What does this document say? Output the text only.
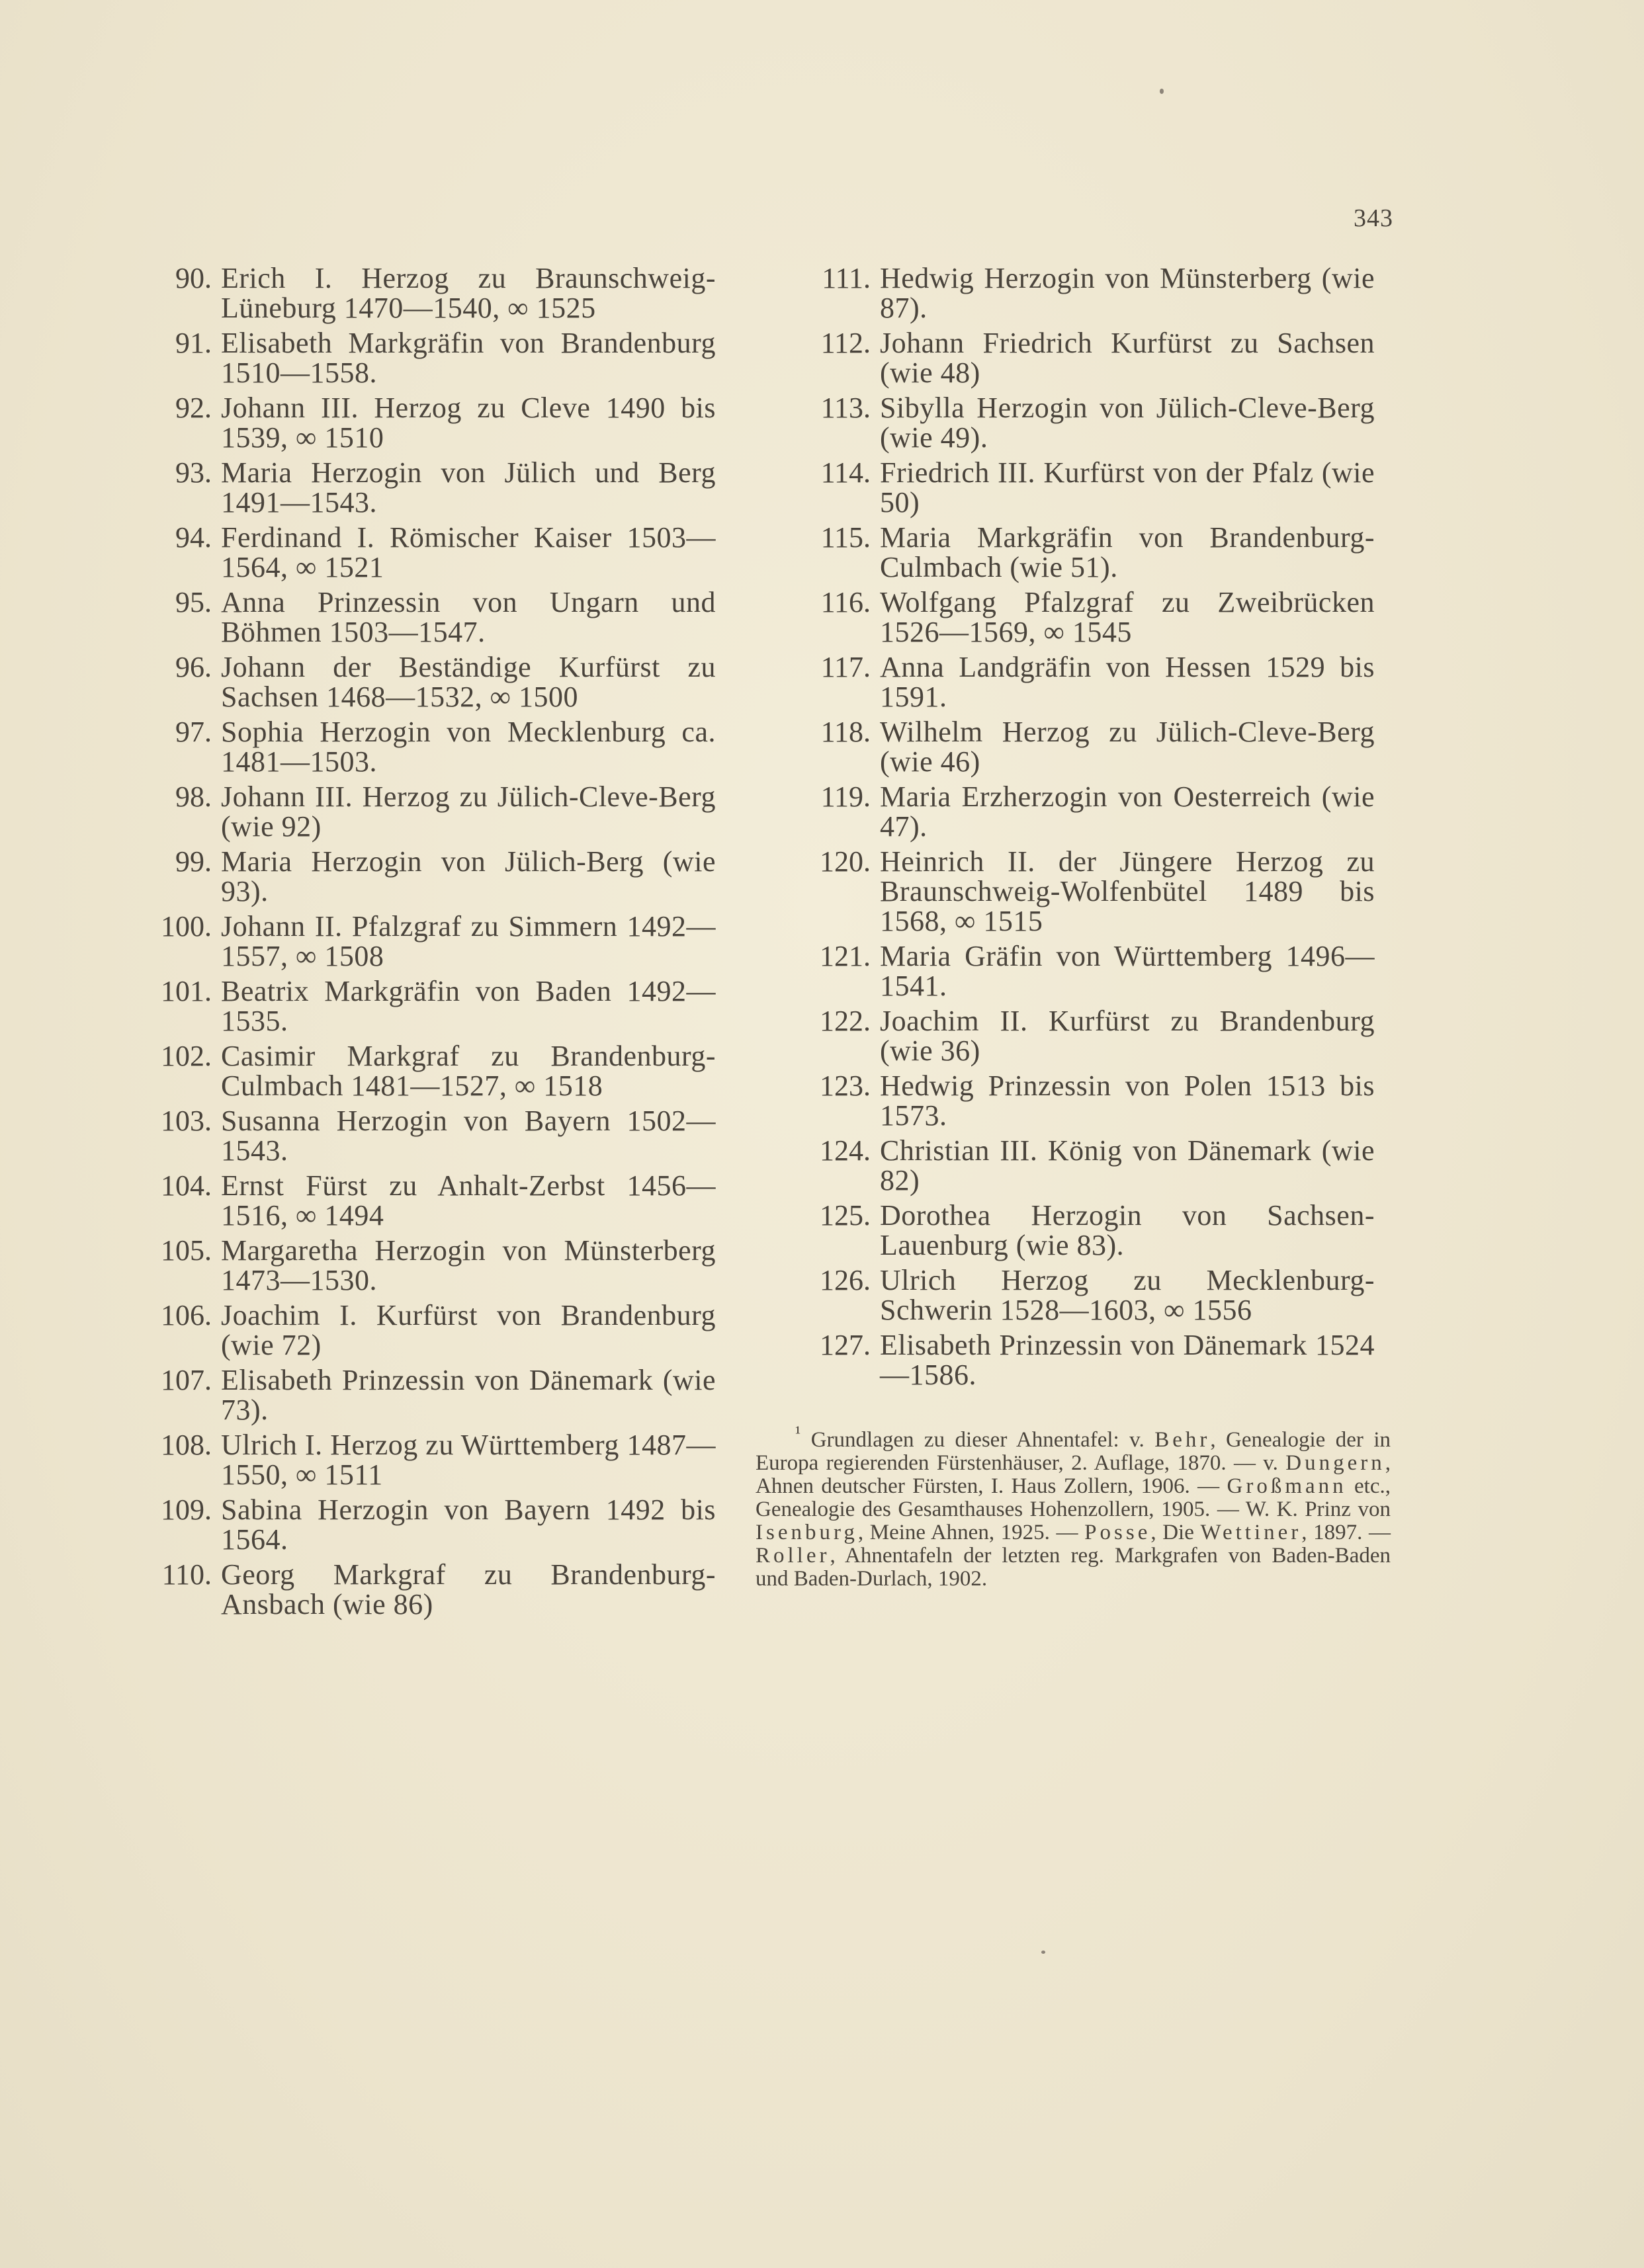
343
90. Erich I. Herzog zu Braunschweig-Lüneburg 1470—1540, ∞ 1525
91. Elisabeth Markgräfin von Brandenburg 1510—1558.
92. Johann III. Herzog zu Cleve 1490 bis 1539, ∞ 1510
93. Maria Herzogin von Jülich und Berg 1491—1543.
94. Ferdinand I. Römischer Kaiser 1503—1564, ∞ 1521
95. Anna Prinzessin von Ungarn und Böhmen 1503—1547.
96. Johann der Beständige Kurfürst zu Sachsen 1468—1532, ∞ 1500
97. Sophia Herzogin von Mecklenburg ca. 1481—1503.
98. Johann III. Herzog zu Jülich-Cleve-Berg (wie 92)
99. Maria Herzogin von Jülich-Berg (wie 93).
100. Johann II. Pfalzgraf zu Simmern 1492—1557, ∞ 1508
101. Beatrix Markgräfin von Baden 1492—1535.
102. Casimir Markgraf zu Brandenburg-Culmbach 1481—1527, ∞ 1518
103. Susanna Herzogin von Bayern 1502—1543.
104. Ernst Fürst zu Anhalt-Zerbst 1456—1516, ∞ 1494
105. Margaretha Herzogin von Münsterberg 1473—1530.
106. Joachim I. Kurfürst von Brandenburg (wie 72)
107. Elisabeth Prinzessin von Dänemark (wie 73).
108. Ulrich I. Herzog zu Württemberg 1487—1550, ∞ 1511
109. Sabina Herzogin von Bayern 1492 bis 1564.
110. Georg Markgraf zu Brandenburg-Ansbach (wie 86)
111. Hedwig Herzogin von Münsterberg (wie 87).
112. Johann Friedrich Kurfürst zu Sachsen (wie 48)
113. Sibylla Herzogin von Jülich-Cleve-Berg (wie 49).
114. Friedrich III. Kurfürst von der Pfalz (wie 50)
115. Maria Markgräfin von Brandenburg-Culmbach (wie 51).
116. Wolfgang Pfalzgraf zu Zweibrücken 1526—1569, ∞ 1545
117. Anna Landgräfin von Hessen 1529 bis 1591.
118. Wilhelm Herzog zu Jülich-Cleve-Berg (wie 46)
119. Maria Erzherzogin von Oesterreich (wie 47).
120. Heinrich II. der Jüngere Herzog zu Braunschweig-Wolfenbütel 1489 bis 1568, ∞ 1515
121. Maria Gräfin von Württemberg 1496—1541.
122. Joachim II. Kurfürst zu Brandenburg (wie 36)
123. Hedwig Prinzessin von Polen 1513 bis 1573.
124. Christian III. König von Dänemark (wie 82)
125. Dorothea Herzogin von Sachsen-Lauenburg (wie 83).
126. Ulrich Herzog zu Mecklenburg-Schwerin 1528—1603, ∞ 1556
127. Elisabeth Prinzessin von Dänemark 1524—1586.
$^{^1}$ Grundlagen zu dieser Ahnentafel: v. Behr, Genealogie der in Europa regierenden Fürstenhäuser, 2. Auflage, 1870. — v. Dungern, Ahnen deutscher Fürsten, I. Haus Zollern, 1906. — Großmann etc., Genealogie des Gesamthauses Hohenzollern, 1905. — W. K. Prinz von Isenburg, Meine Ahnen, 1925. — Posse, Die Wettiner, 1897. — Roller, Ahnentafeln der letzten reg. Markgrafen von Baden-Baden und Baden-Durlach, 1902.
